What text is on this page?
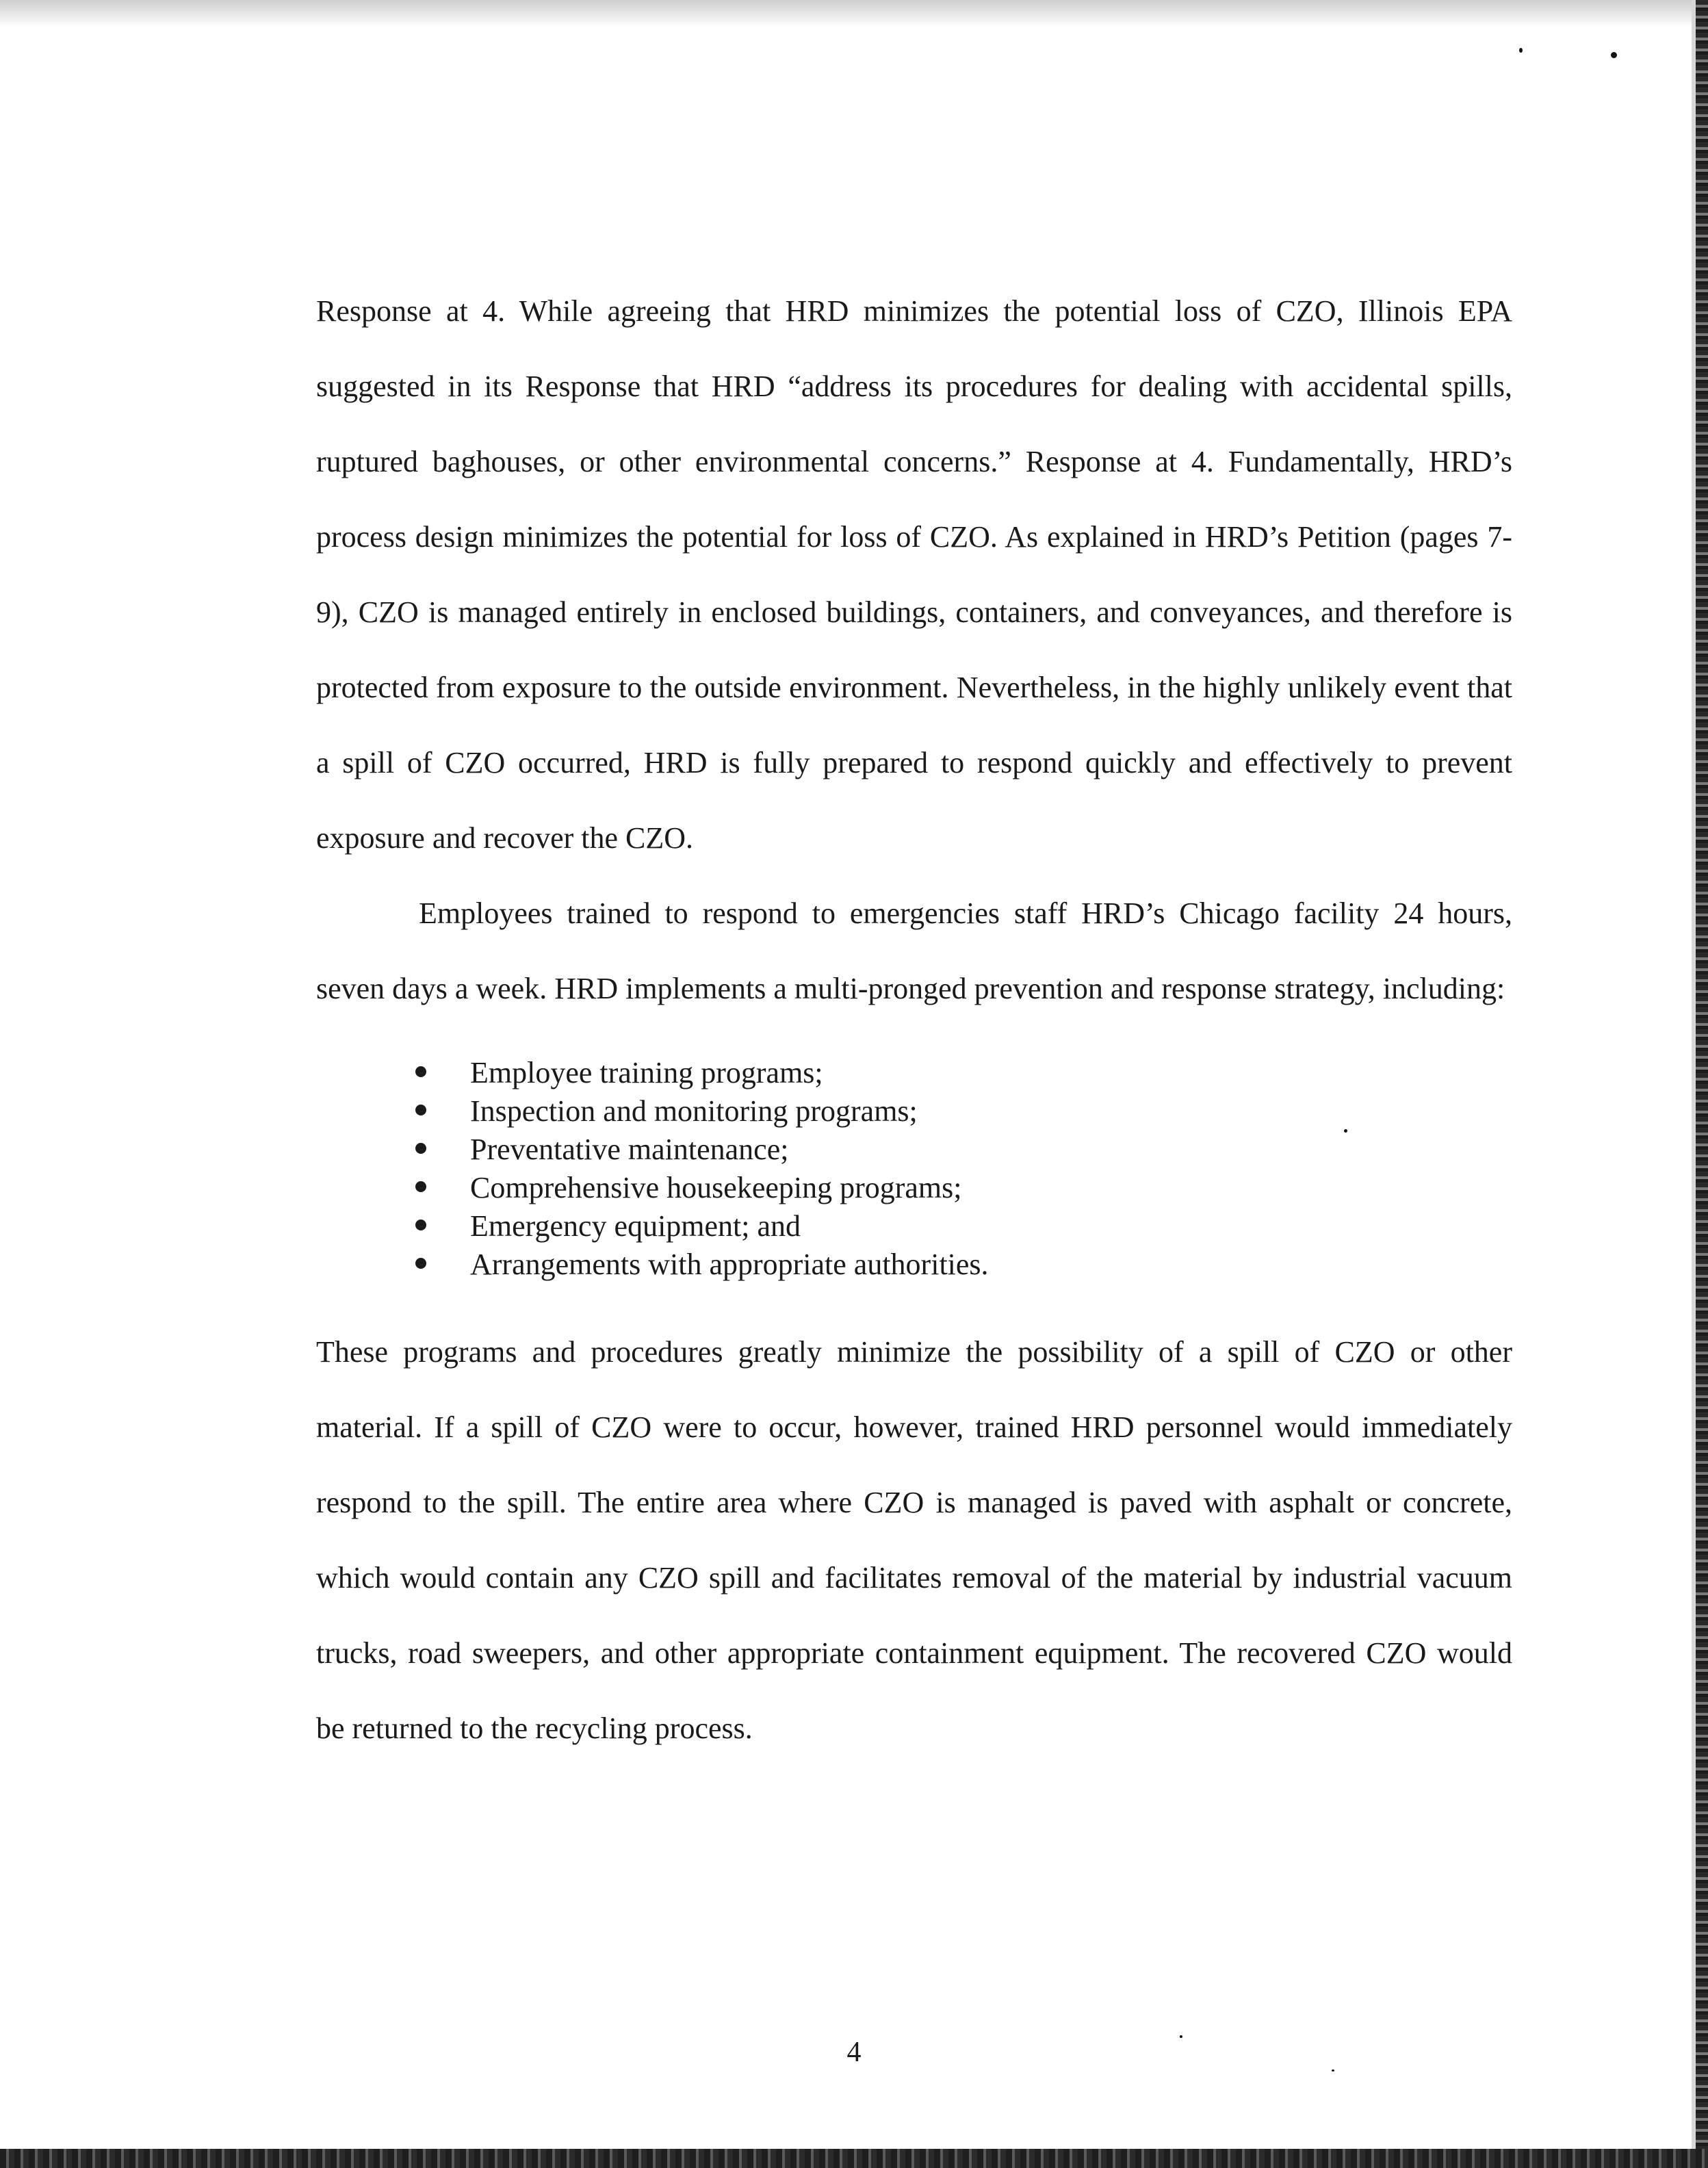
Response at 4. While agreeing that HRD minimizes the potential loss of CZO, Illinois EPA suggested in its Response that HRD “address its procedures for dealing with accidental spills, ruptured baghouses, or other environmental concerns.” Response at 4. Fundamentally, HRD’s process design minimizes the potential for loss of CZO. As explained in HRD’s Petition (pages 7-9), CZO is managed entirely in enclosed buildings, containers, and conveyances, and therefore is protected from exposure to the outside environment. Nevertheless, in the highly unlikely event that a spill of CZO occurred, HRD is fully prepared to respond quickly and effectively to prevent exposure and recover the CZO.

Employees trained to respond to emergencies staff HRD’s Chicago facility 24 hours, seven days a week. HRD implements a multi-pronged prevention and response strategy, including:

Employee training programs;
Inspection and monitoring programs;
Preventative maintenance;
Comprehensive housekeeping programs;
Emergency equipment; and
Arrangements with appropriate authorities.

These programs and procedures greatly minimize the possibility of a spill of CZO or other material. If a spill of CZO were to occur, however, trained HRD personnel would immediately respond to the spill. The entire area where CZO is managed is paved with asphalt or concrete, which would contain any CZO spill and facilitates removal of the material by industrial vacuum trucks, road sweepers, and other appropriate containment equipment. The recovered CZO would be returned to the recycling process.

4
